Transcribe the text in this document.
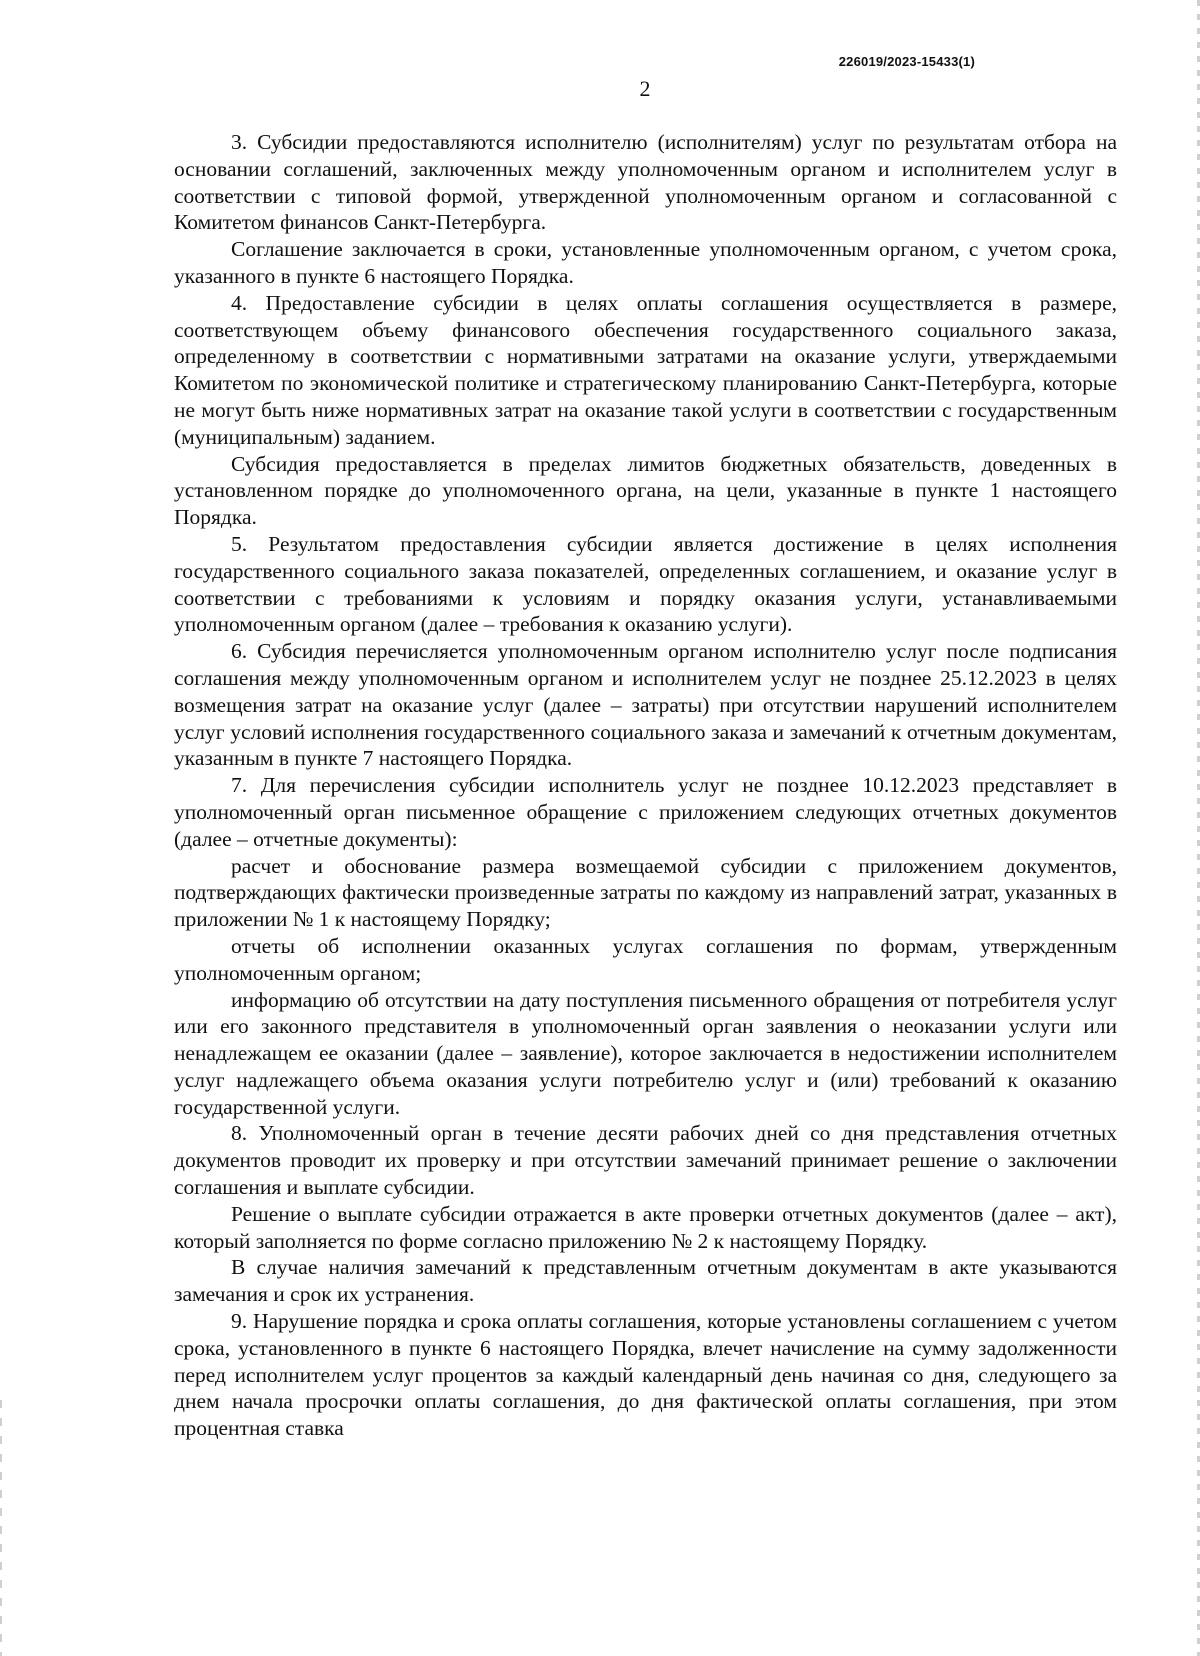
226019/2023-15433(1)
2

3. Субсидии предоставляются исполнителю (исполнителям) услуг по результатам отбора на основании соглашений, заключенных между уполномоченным органом и исполнителем услуг в соответствии с типовой формой, утвержденной уполномоченным органом и согласованной с Комитетом финансов Санкт-Петербурга.

Соглашение заключается в сроки, установленные уполномоченным органом, с учетом срока, указанного в пункте 6 настоящего Порядка.

4. Предоставление субсидии в целях оплаты соглашения осуществляется в размере, соответствующем объему финансового обеспечения государственного социального заказа, определенному в соответствии с нормативными затратами на оказание услуги, утверждаемыми Комитетом по экономической политике и стратегическому планированию Санкт-Петербурга, которые не могут быть ниже нормативных затрат на оказание такой услуги в соответствии с государственным (муниципальным) заданием.

Субсидия предоставляется в пределах лимитов бюджетных обязательств, доведенных в установленном порядке до уполномоченного органа, на цели, указанные в пункте 1 настоящего Порядка.

5. Результатом предоставления субсидии является достижение в целях исполнения государственного социального заказа показателей, определенных соглашением, и оказание услуг в соответствии с требованиями к условиям и порядку оказания услуги, устанавливаемыми уполномоченным органом (далее – требования к оказанию услуги).

6. Субсидия перечисляется уполномоченным органом исполнителю услуг после подписания соглашения между уполномоченным органом и исполнителем услуг не позднее 25.12.2023 в целях возмещения затрат на оказание услуг (далее – затраты) при отсутствии нарушений исполнителем услуг условий исполнения государственного социального заказа и замечаний к отчетным документам, указанным в пункте 7 настоящего Порядка.

7. Для перечисления субсидии исполнитель услуг не позднее 10.12.2023 представляет в уполномоченный орган письменное обращение с приложением следующих отчетных документов (далее – отчетные документы):

расчет и обоснование размера возмещаемой субсидии с приложением документов, подтверждающих фактически произведенные затраты по каждому из направлений затрат, указанных в приложении № 1 к настоящему Порядку;

отчеты об исполнении оказанных услугах соглашения по формам, утвержденным уполномоченным органом;

информацию об отсутствии на дату поступления письменного обращения от потребителя услуг или его законного представителя в уполномоченный орган заявления о неоказании услуги или ненадлежащем ее оказании (далее – заявление), которое заключается в недостижении исполнителем услуг надлежащего объема оказания услуги потребителю услуг и (или) требований к оказанию государственной услуги.

8. Уполномоченный орган в течение десяти рабочих дней со дня представления отчетных документов проводит их проверку и при отсутствии замечаний принимает решение о заключении соглашения и выплате субсидии.

Решение о выплате субсидии отражается в акте проверки отчетных документов (далее – акт), который заполняется по форме согласно приложению № 2 к настоящему Порядку.

В случае наличия замечаний к представленным отчетным документам в акте указываются замечания и срок их устранения.

9. Нарушение порядка и срока оплаты соглашения, которые установлены соглашением с учетом срока, установленного в пункте 6 настоящего Порядка, влечет начисление на сумму задолженности перед исполнителем услуг процентов за каждый календарный день начиная со дня, следующего за днем начала просрочки оплаты соглашения, до дня фактической оплаты соглашения, при этом процентная ставка
